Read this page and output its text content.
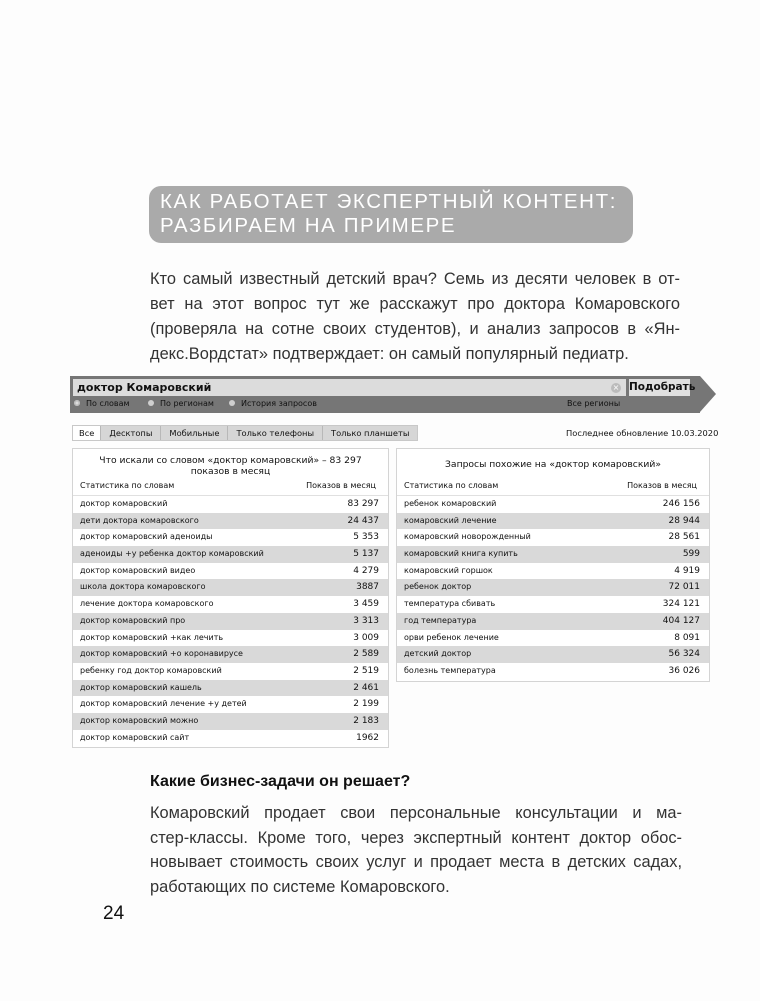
КАК РАБОТАЕТ ЭКСПЕРТНЫЙ КОНТЕНТ:
РАЗБИРАЕМ НА ПРИМЕРЕ
Кто самый известный детский врач? Семь из десяти человек в от-
вет на этот вопрос тут же расскажут про доктора Комаровского
(проверяла на сотне своих студентов), и анализ запросов в «Ян-
декс.Вордстат» подтверждает: он самый популярный педиатр.
доктор Комаровский	× Подобрать
По словам	По регионам	История запросов	Все регионы
Все	Десктопы	Мобильные	Только телефоны	Только планшеты	Последнее обновление 10.03.2020
Что искали со словом «доктор комаровский» – 83 297
показов в месяц
Статистика по словам	Показов в месяц
доктор комаровский	83 297
дети доктора комаровского	24 437
доктор комаровский аденоиды	5 353
аденоиды +у ребенка доктор комаровский	5 137
доктор комаровский видео	4 279
школа доктора комаровского	3887
лечение доктора комаровского	3 459
доктор комаровский про	3 313
доктор комаровский +как лечить	3 009
доктор комаровский +о коронавирусе	2 589
ребенку год доктор комаровский	2 519
доктор комаровский кашель	2 461
доктор комаровский лечение +у детей	2 199
доктор комаровский можно	2 183
доктор комаровский сайт	1962
Запросы похожие на «доктор комаровский»
Статистика по словам	Показов в месяц
ребенок комаровский	246 156
комаровский лечение	28 944
комаровский новорожденный	28 561
комаровский книга купить	599
комаровский горшок	4 919
ребенок доктор	72 011
температура сбивать	324 121
год температура	404 127
орви ребенок лечение	8 091
детский доктор	56 324
болезнь температура	36 026
Какие бизнес-задачи он решает?
Комаровский продает свои персональные консультации и ма-
стер-классы. Кроме того, через экспертный контент доктор обос-
новывает стоимость своих услуг и продает места в детских садах,
работающих по системе Комаровского.
24
